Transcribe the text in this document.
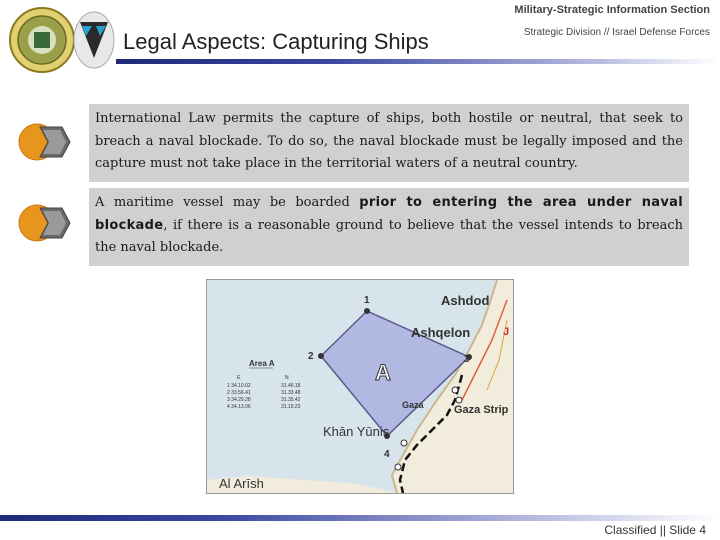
Legal Aspects: Capturing Ships
Military-Strategic Information Section
Strategic Division // Israel Defense Forces
International Law permits the capture of ships, both hostile or neutral, that seek to breach a naval blockade. To do so, the naval blockade must be legally imposed and the capture must not take place in the territorial waters of a neutral country.
A maritime vessel may be boarded prior to entering the area under naval blockade, if there is a reasonable ground to believe that the vessel intends to breach the naval blockade.
1
2	3
4
A
Ashdod
Ashqelon
Gaza	Gaza Strip
Khān Yūnis
Al Arīsh
J
Area A
E	N
1 34.10.02	31.46.18
2 33.56.41	31.33.48
3 34.29.28	31.35.42
4 34.13.06	31.19.23
Classified || Slide 4
